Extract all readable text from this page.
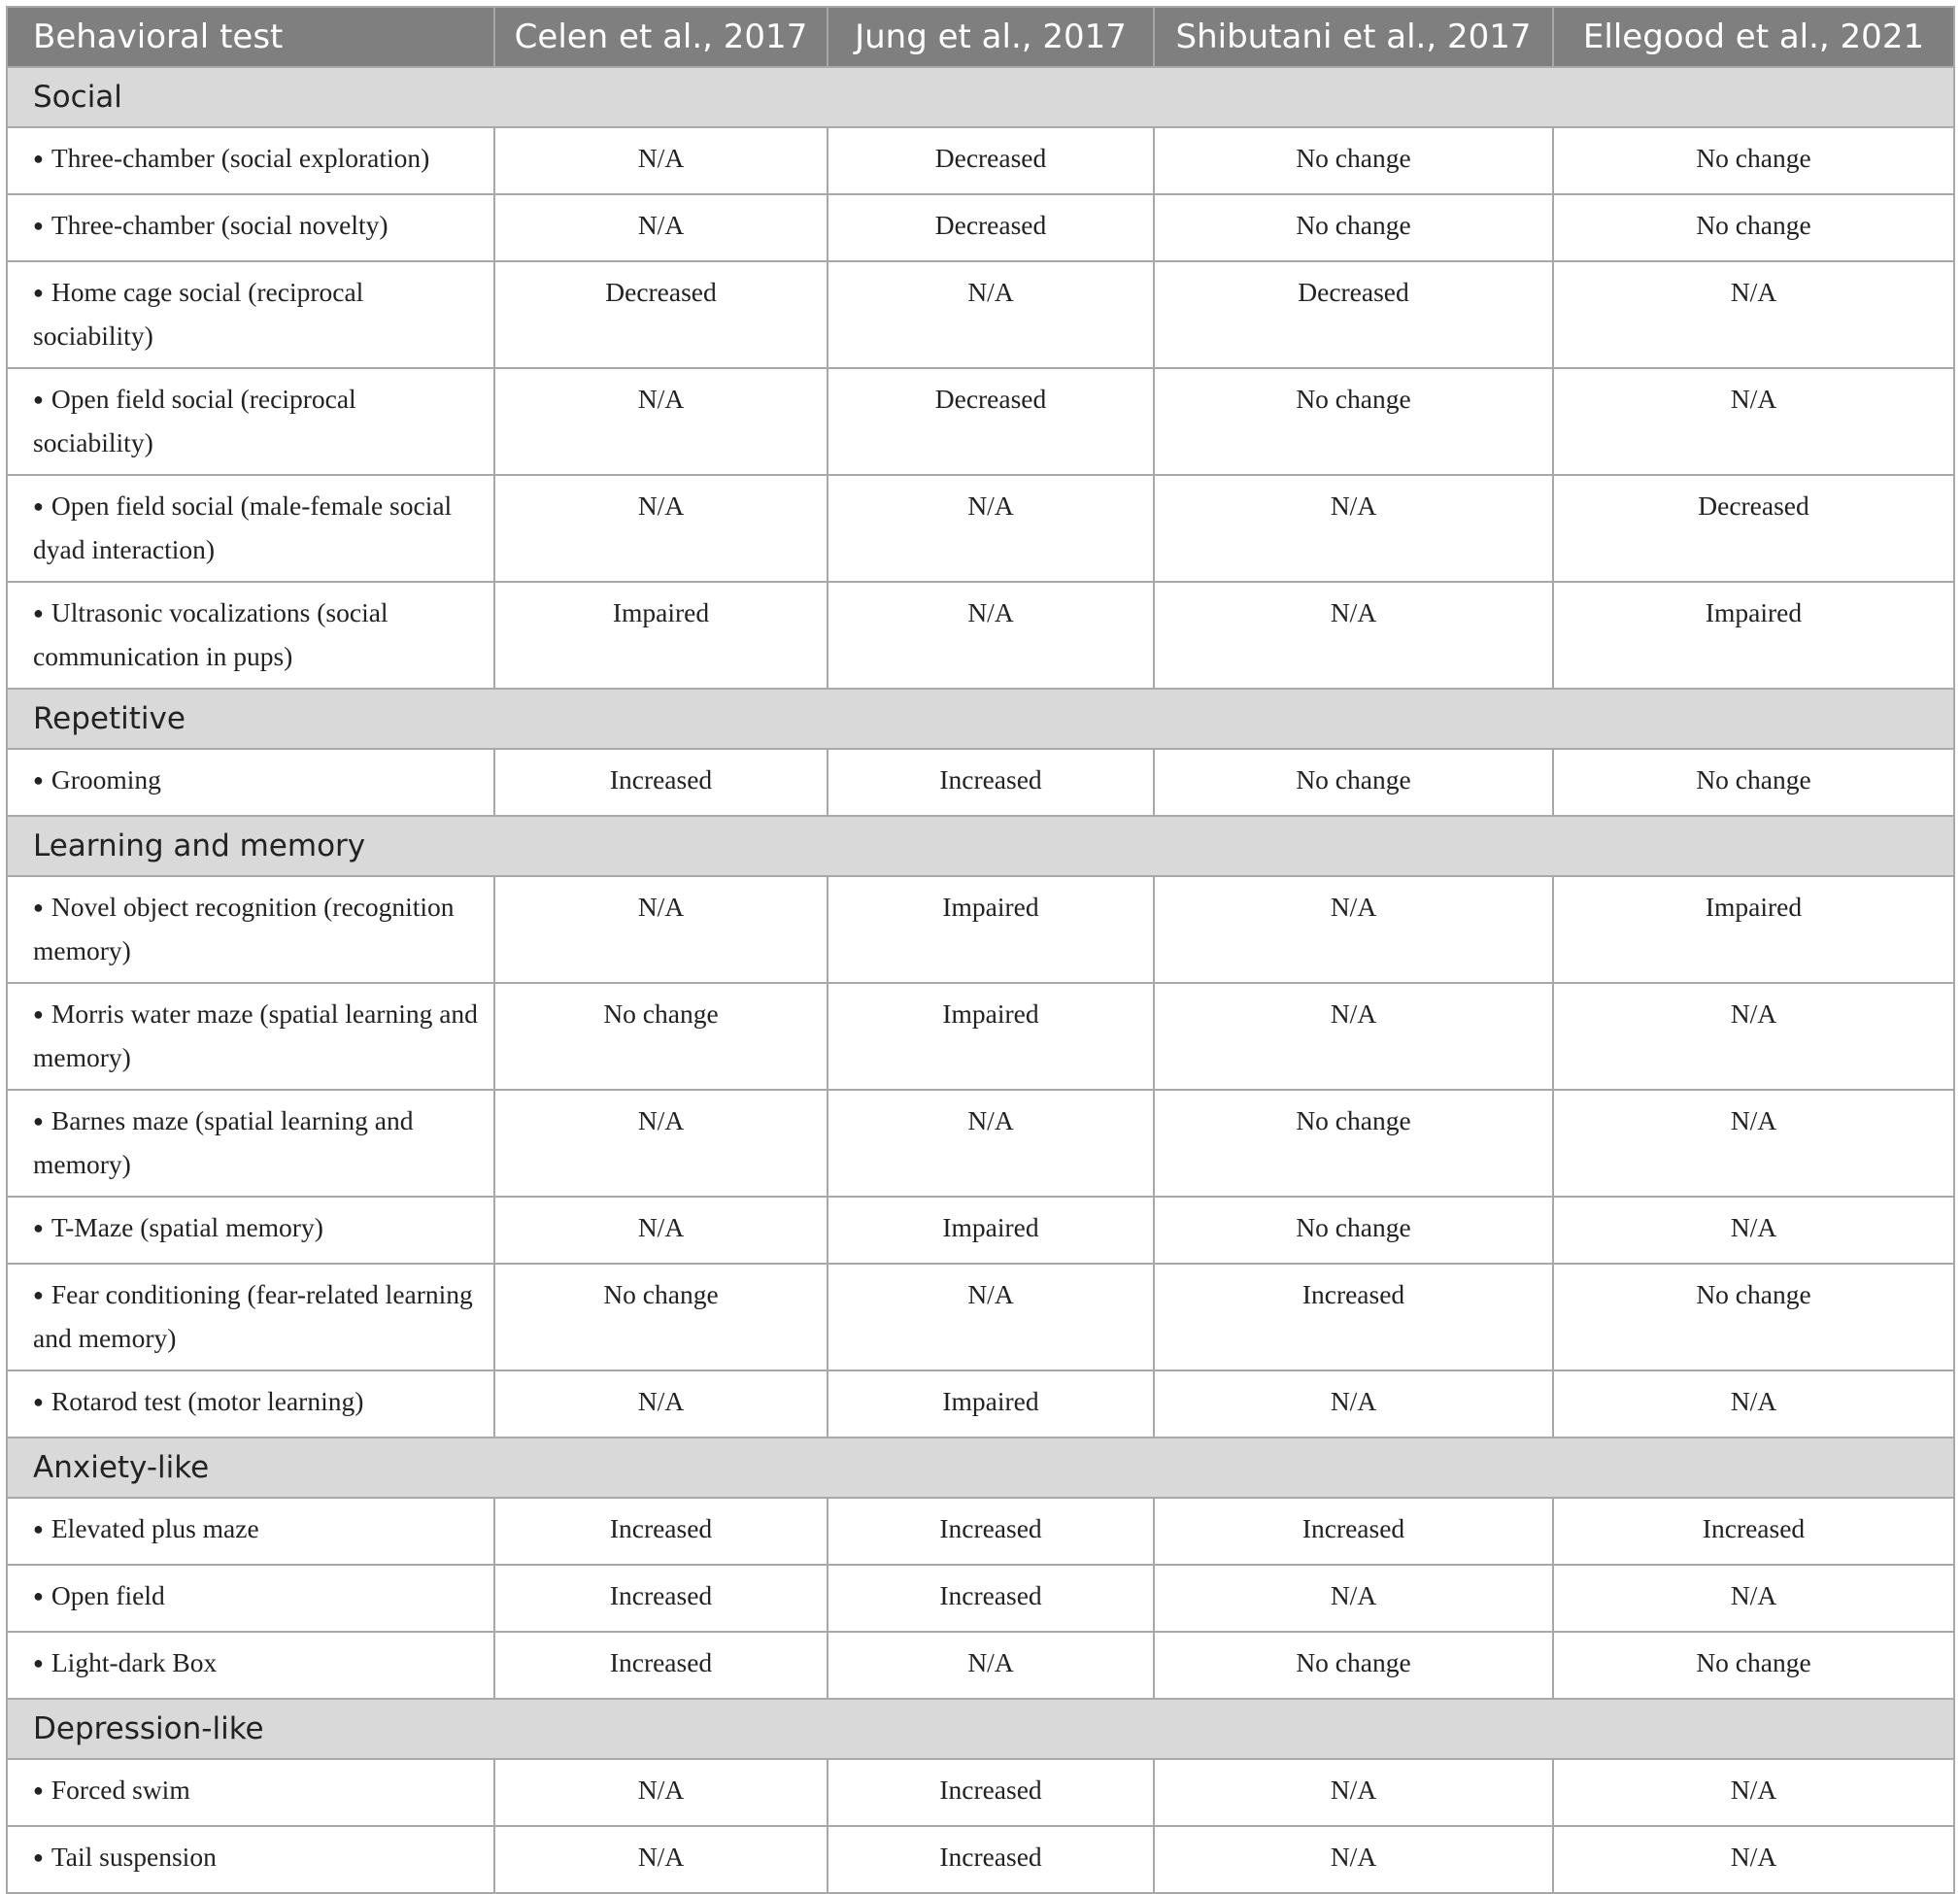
Behavioral test	Celen et al., 2017	Jung et al., 2017	Shibutani et al., 2017	Ellegood et al., 2021
Social				
● Three-chamber (social exploration)	N/A	Decreased	No change	No change
● Three-chamber (social novelty)	N/A	Decreased	No change	No change
● Home cage social (reciprocal sociability)	Decreased	N/A	Decreased	N/A
● Open field social (reciprocal sociability)	N/A	Decreased	No change	N/A
● Open field social (male-female social dyad interaction)	N/A	N/A	N/A	Decreased
● Ultrasonic vocalizations (social communication in pups)	Impaired	N/A	N/A	Impaired
Repetitive				
● Grooming	Increased	Increased	No change	No change
Learning and memory				
● Novel object recognition (recognition memory)	N/A	Impaired	N/A	Impaired
● Morris water maze (spatial learning and memory)	No change	Impaired	N/A	N/A
● Barnes maze (spatial learning and memory)	N/A	N/A	No change	N/A
● T-Maze (spatial memory)	N/A	Impaired	No change	N/A
● Fear conditioning (fear-related learning and memory)	No change	N/A	Increased	No change
● Rotarod test (motor learning)	N/A	Impaired	N/A	N/A
Anxiety-like				
● Elevated plus maze	Increased	Increased	Increased	Increased
● Open field	Increased	Increased	N/A	N/A
● Light-dark Box	Increased	N/A	No change	No change
Depression-like				
● Forced swim	N/A	Increased	N/A	N/A
● Tail suspension	N/A	Increased	N/A	N/A
